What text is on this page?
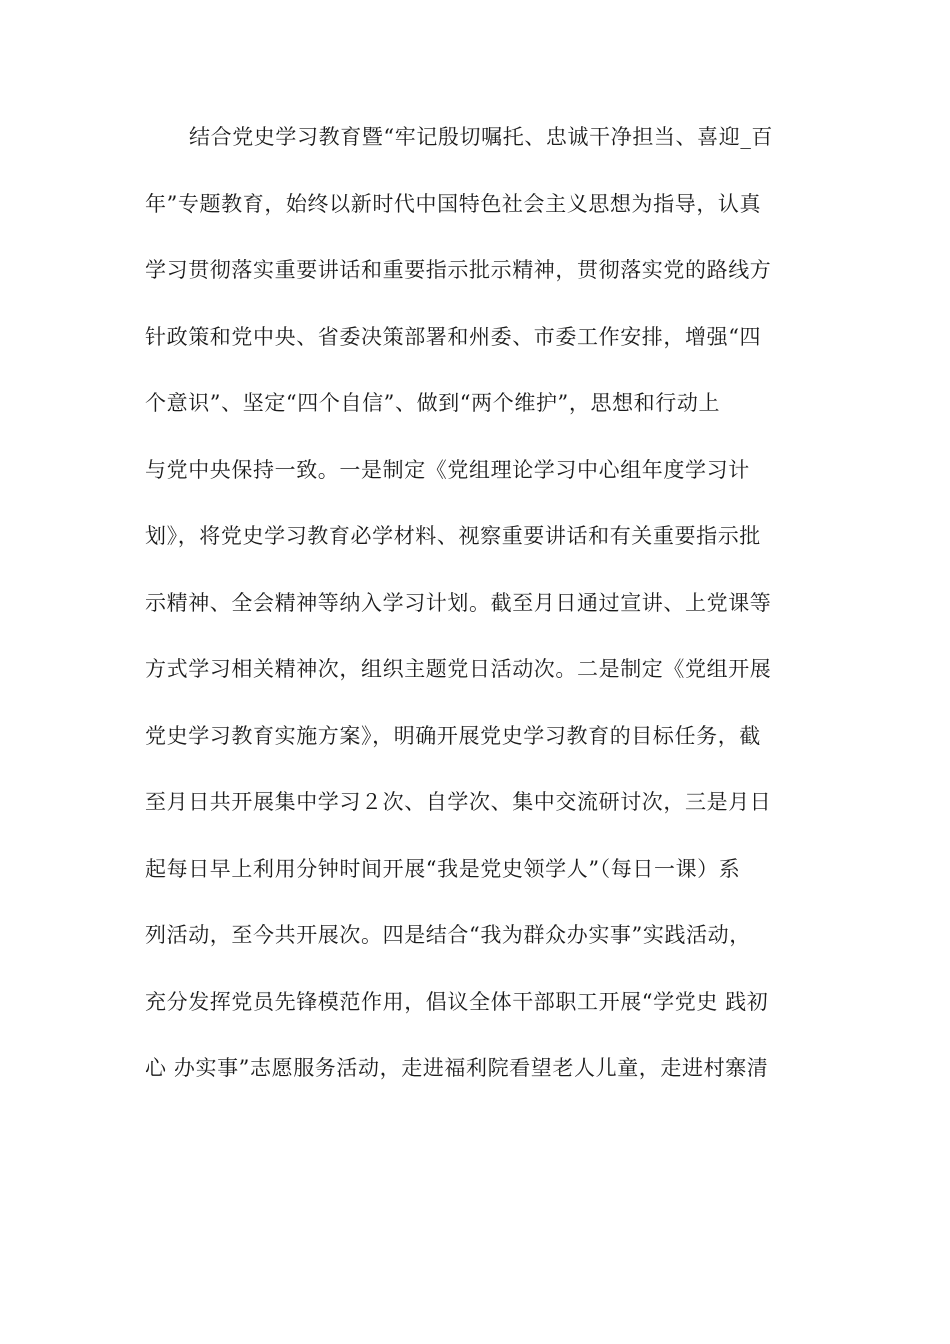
结合党史学习教育暨“牢记殷切嘱托、忠诚干净担当、喜迎_百
年”专题教育，始终以新时代中国特色社会主义思想为指导，认真
学习贯彻落实重要讲话和重要指示批示精神，贯彻落实党的路线方
针政策和党中央、省委决策部署和州委、市委工作安排，增强“四
个意识”、坚定“四个自信”、做到“两个维护”，思想和行动上
与党中央保持一致。一是制定《党组理论学习中心组年度学习计
划》，将党史学习教育必学材料、视察重要讲话和有关重要指示批
示精神、全会精神等纳入学习计划。截至月日通过宣讲、上党课等
方式学习相关精神次，组织主题党日活动次。二是制定《党组开展
党史学习教育实施方案》，明确开展党史学习教育的目标任务，截
至月日共开展集中学习２次、自学次、集中交流研讨次，三是月日
起每日早上利用分钟时间开展“我是党史领学人”（每日一课）系
列活动，至今共开展次。四是结合“我为群众办实事”实践活动，
充分发挥党员先锋模范作用，倡议全体干部职工开展“学党史 践初
心 办实事”志愿服务活动，走进福利院看望老人儿童，走进村寨清
